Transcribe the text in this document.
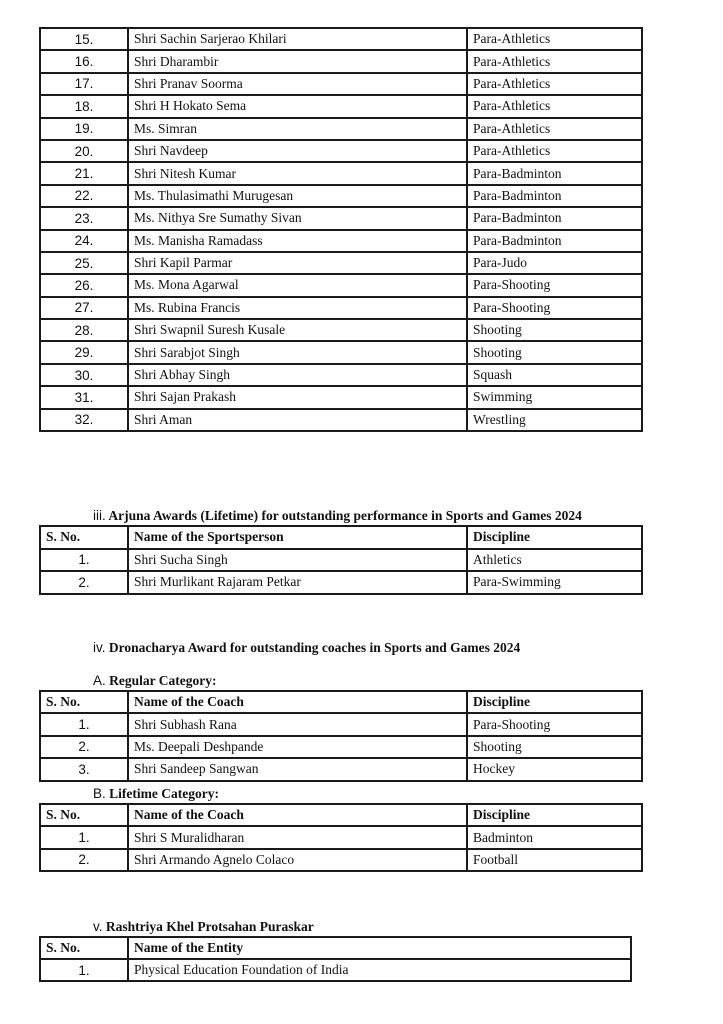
15.	Shri Sachin Sarjerao Khilari	Para-Athletics
16.	Shri Dharambir	Para-Athletics
17.	Shri Pranav Soorma	Para-Athletics
18.	Shri H Hokato Sema	Para-Athletics
19.	Ms. Simran	Para-Athletics
20.	Shri Navdeep	Para-Athletics
21.	Shri Nitesh Kumar	Para-Badminton
22.	Ms. Thulasimathi Murugesan	Para-Badminton
23.	Ms. Nithya Sre Sumathy Sivan	Para-Badminton
24.	Ms. Manisha Ramadass	Para-Badminton
25.	Shri Kapil Parmar	Para-Judo
26.	Ms. Mona Agarwal	Para-Shooting
27.	Ms. Rubina Francis	Para-Shooting
28.	Shri Swapnil Suresh Kusale	Shooting
29.	Shri Sarabjot Singh	Shooting
30.	Shri Abhay Singh	Squash
31.	Shri Sajan Prakash	Swimming
32.	Shri Aman	Wrestling
iii. Arjuna Awards (Lifetime) for outstanding performance in Sports and Games 2024
S. No.	Name of the Sportsperson	Discipline
1.	Shri Sucha Singh	Athletics
2.	Shri Murlikant Rajaram Petkar	Para-Swimming
iv. Dronacharya Award for outstanding coaches in Sports and Games 2024
A. Regular Category:
S. No.	Name of the Coach	Discipline
1.	Shri Subhash Rana	Para-Shooting
2.	Ms. Deepali Deshpande	Shooting
3.	Shri Sandeep Sangwan	Hockey
B. Lifetime Category:
S. No.	Name of the Coach	Discipline
1.	Shri S Muralidharan	Badminton
2.	Shri Armando Agnelo Colaco	Football
v. Rashtriya Khel Protsahan Puraskar
S. No.	Name of the Entity
1.	Physical Education Foundation of India
